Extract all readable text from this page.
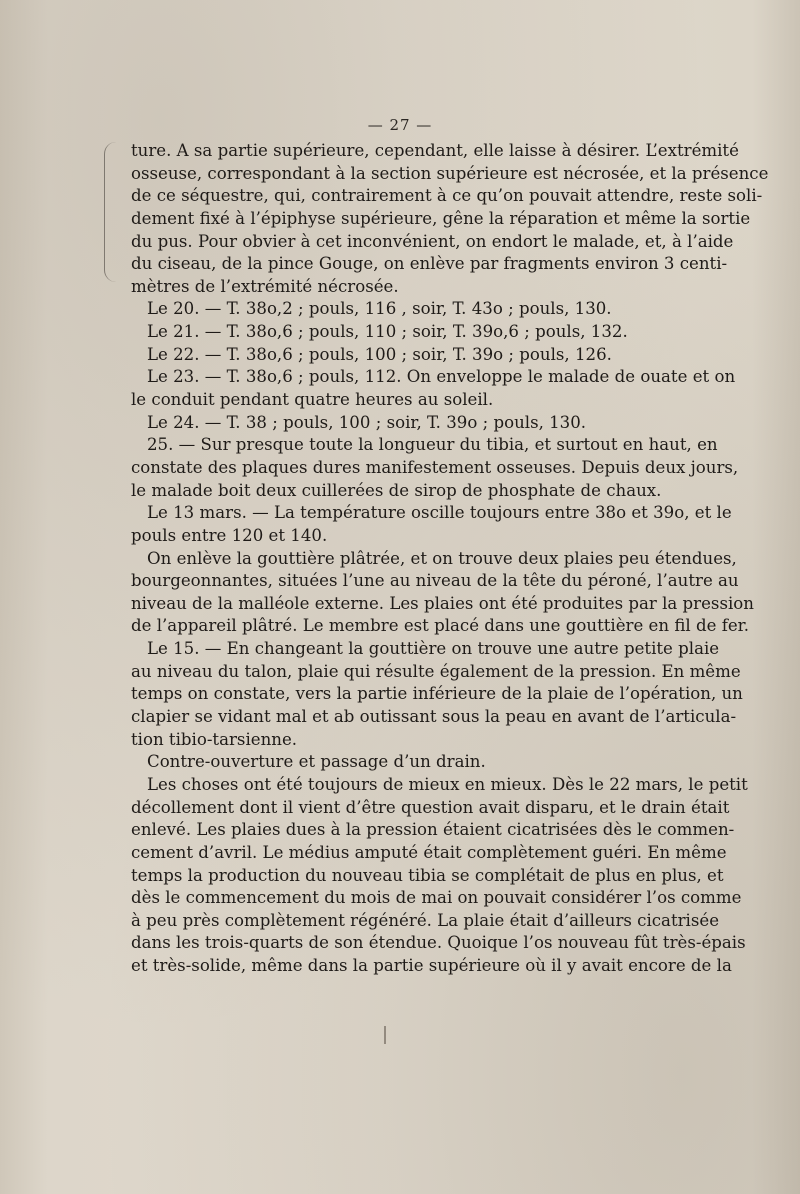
— 27 —
ture. A sa partie supérieure, cependant, elle laisse à désirer. L’extrémité
osseuse, correspondant à la section supérieure est nécrosée, et la présence
de ce séquestre, qui, contrairement à ce qu’on pouvait attendre, reste soli-
dement fixé à l’épiphyse supérieure, gêne la réparation et même la sortie
du pus. Pour obvier à cet inconvénient, on endort le malade, et, à l’aide
du ciseau, de la pince Gouge, on enlève par fragments environ 3 centi-
mètres de l’extrémité nécrosée.
Le 20. — T. 38o,2 ; pouls, 116 , soir, T. 43o ; pouls, 130.
Le 21. — T. 38o,6 ; pouls, 110 ; soir, T. 39o,6 ; pouls, 132.
Le 22. — T. 38o,6 ; pouls, 100 ; soir, T. 39o ; pouls, 126.
Le 23. — T. 38o,6 ; pouls, 112. On enveloppe le malade de ouate et on
le conduit pendant quatre heures au soleil.
Le 24. — T. 38 ; pouls, 100 ; soir, T. 39o ; pouls, 130.
25. — Sur presque toute la longueur du tibia, et surtout en haut, en
constate des plaques dures manifestement osseuses. Depuis deux jours,
le malade boit deux cuillerées de sirop de phosphate de chaux.
Le 13 mars. — La température oscille toujours entre 38o et 39o, et le
pouls entre 120 et 140.
On enlève la gouttière plâtrée, et on trouve deux plaies peu étendues,
bourgeonnantes, situées l’une au niveau de la tête du péroné, l’autre au
niveau de la malléole externe. Les plaies ont été produites par la pression
de l’appareil plâtré. Le membre est placé dans une gouttière en fil de fer.
Le 15. — En changeant la gouttière on trouve une autre petite plaie
au niveau du talon, plaie qui résulte également de la pression. En même
temps on constate, vers la partie inférieure de la plaie de l’opération, un
clapier se vidant mal et ab outissant sous la peau en avant de l’articula-
tion tibio-tarsienne.
Contre-ouverture et passage d’un drain.
Les choses ont été toujours de mieux en mieux. Dès le 22 mars, le petit
décollement dont il vient d’être question avait disparu, et le drain était
enlevé. Les plaies dues à la pression étaient cicatrisées dès le commen-
cement d’avril. Le médius amputé était complètement guéri. En même
temps la production du nouveau tibia se complétait de plus en plus, et
dès le commencement du mois de mai on pouvait considérer l’os comme
à peu près complètement régénéré. La plaie était d’ailleurs cicatrisée
dans les trois-quarts de son étendue. Quoique l’os nouveau fût très-épais
et très-solide, même dans la partie supérieure où il y avait encore de la
